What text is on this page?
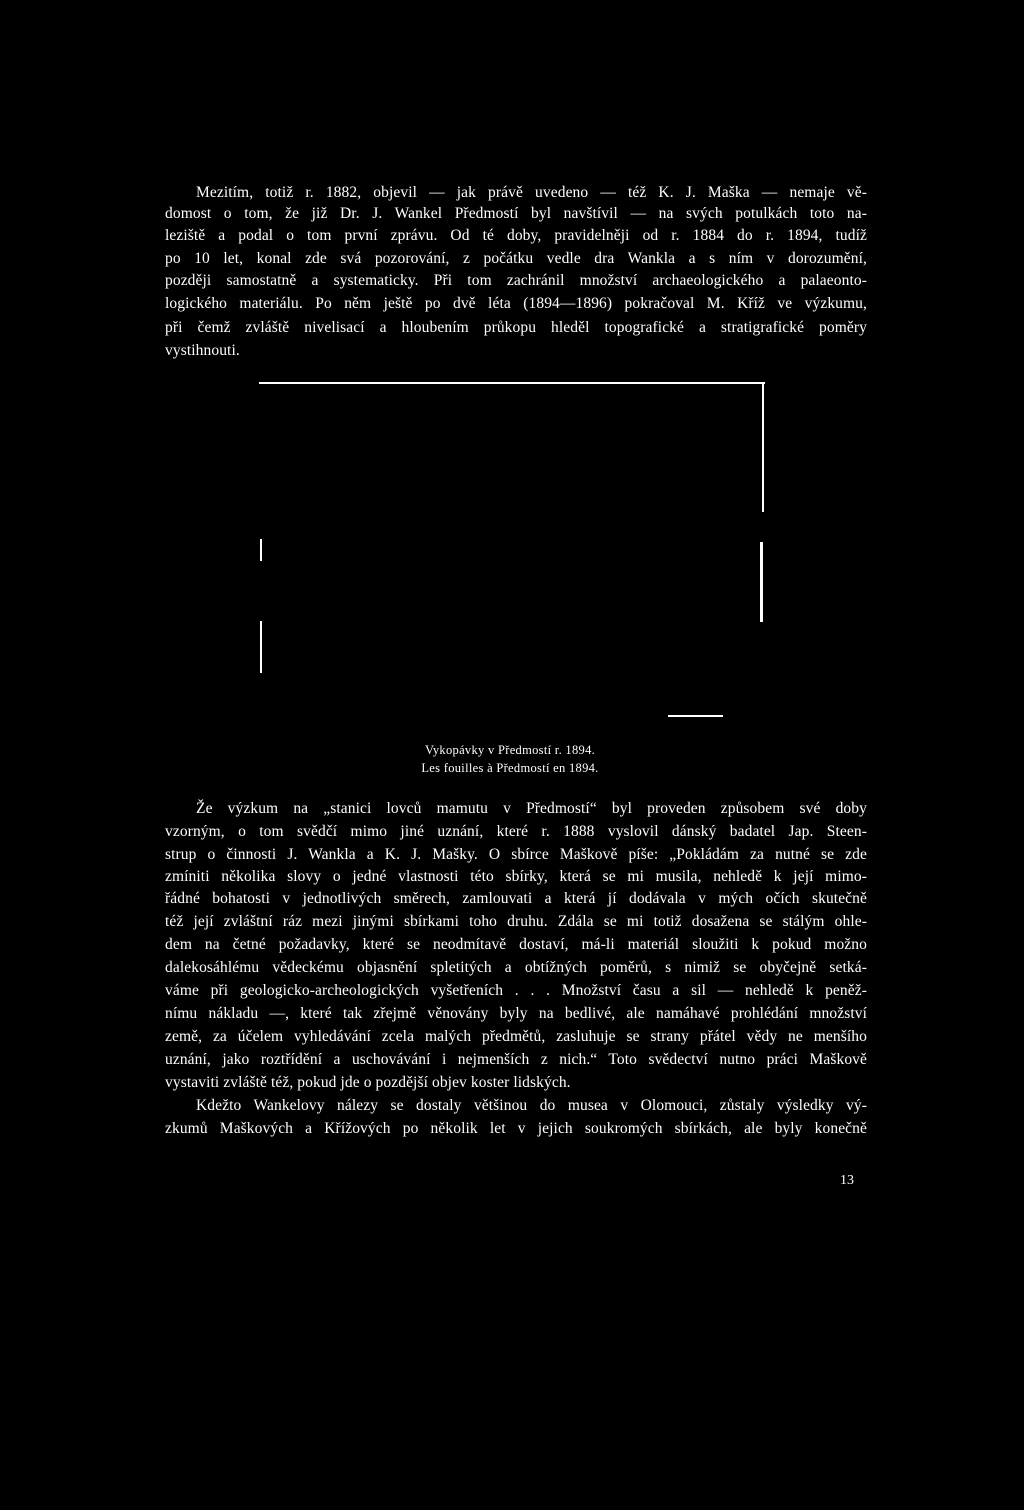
Mezitím, totiž r. 1882, objevil — jak právě uvedeno — též K. J. Maška — nemaje vě-
domost o tom, že již Dr. J. Wankel Předmostí byl navštívil — na svých potulkách toto na-
leziště a podal o tom první zprávu. Od té doby, pravidelněji od r. 1884 do r. 1894, tudíž
po 10 let, konal zde svá pozorování, z počátku vedle dra Wankla a s ním v dorozumění,
později samostatně a systematicky. Při tom zachránil množství archaeologického a palaeonto-
logického materiálu. Po něm ještě po dvě léta (1894—1896) pokračoval M. Kříž ve výzkumu,
při čemž zvláště nivelisací a hloubením průkopu hleděl topografické a stratigrafické poměry
vystihnouti.
Vykopávky v Předmostí r. 1894.
Les fouilles à Předmostí en 1894.
Že výzkum na „stanici lovců mamutu v Předmostí“ byl proveden způsobem své doby
vzorným, o tom svědčí mimo jiné uznání, které r. 1888 vyslovil dánský badatel Jap. Steen-
strup o činnosti J. Wankla a K. J. Mašky. O sbírce Maškově píše: „Pokládám za nutné se zde
zmíniti několika slovy o jedné vlastnosti této sbírky, která se mi musila, nehledě k její mimo-
řádné bohatosti v jednotlivých směrech, zamlouvati a která jí dodávala v mých očích skutečně
též její zvláštní ráz mezi jinými sbírkami toho druhu. Zdála se mi totiž dosažena se stálým ohle-
dem na četné požadavky, které se neodmítavě dostaví, má-li materiál sloužiti k pokud možno
dalekosáhlému vědeckému objasnění spletitých a obtížných poměrů, s nimiž se obyčejně setká-
váme při geologicko-archeologických vyšetřeních . . . Množství času a sil — nehledě k peněž-
nímu nákladu —, které tak zřejmě věnovány byly na bedlivé, ale namáhavé prohlédání množství
země, za účelem vyhledávání zcela malých předmětů, zasluhuje se strany přátel vědy ne menšího
uznání, jako roztřídění a uschovávání i nejmenších z nich.“ Toto svědectví nutno práci Maškově
vystaviti zvláště též, pokud jde o pozdější objev koster lidských.
Kdežto Wankelovy nálezy se dostaly většinou do musea v Olomouci, zůstaly výsledky vý-
zkumů Maškových a Křížových po několik let v jejich soukromých sbírkách, ale byly konečně
13
